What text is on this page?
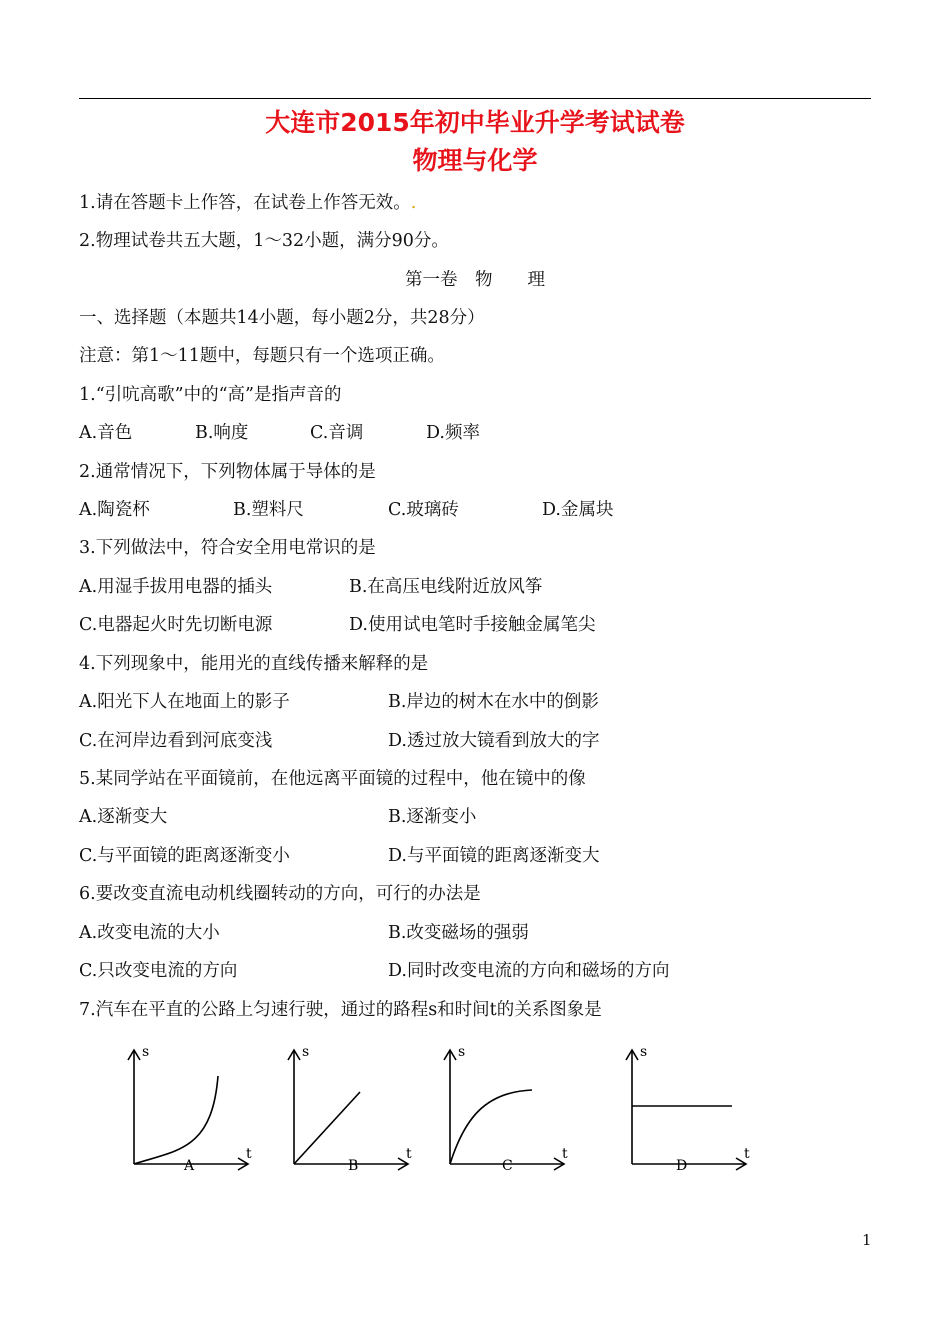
大连市2015年初中毕业升学考试试卷
物理与化学
1.请在答题卡上作答，在试卷上作答无效。.
2.物理试卷共五大题，1～32小题，满分90分。
第一卷　物　　理
一、选择题（本题共14小题，每小题2分，共28分）
注意：第1～11题中，每题只有一个选项正确。
1.“引吭高歌”中的“高”是指声音的
A.音色	B.响度	C.音调	D.频率
2.通常情况下，下列物体属于导体的是
A.陶瓷杯	B.塑料尺	C.玻璃砖	D.金属块
3.下列做法中，符合安全用电常识的是
A.用湿手拔用电器的插头	B.在高压电线附近放风筝
C.电器起火时先切断电源	D.使用试电笔时手接触金属笔尖
4.下列现象中，能用光的直线传播来解释的是
A.阳光下人在地面上的影子	B.岸边的树木在水中的倒影
C.在河岸边看到河底变浅	D.透过放大镜看到放大的字
5.某同学站在平面镜前，在他远离平面镜的过程中，他在镜中的像
A.逐渐变大	B.逐渐变小
C.与平面镜的距离逐渐变小	D.与平面镜的距离逐渐变大
6.要改变直流电动机线圈转动的方向，可行的办法是
A.改变电流的大小	B.改变磁场的强弱
C.只改变电流的方向	D.同时改变电流的方向和磁场的方向
7.汽车在平直的公路上匀速行驶，通过的路程s和时间t的关系图象是
s
t
A
s
t
B
s
t
C
s
t
D
1
